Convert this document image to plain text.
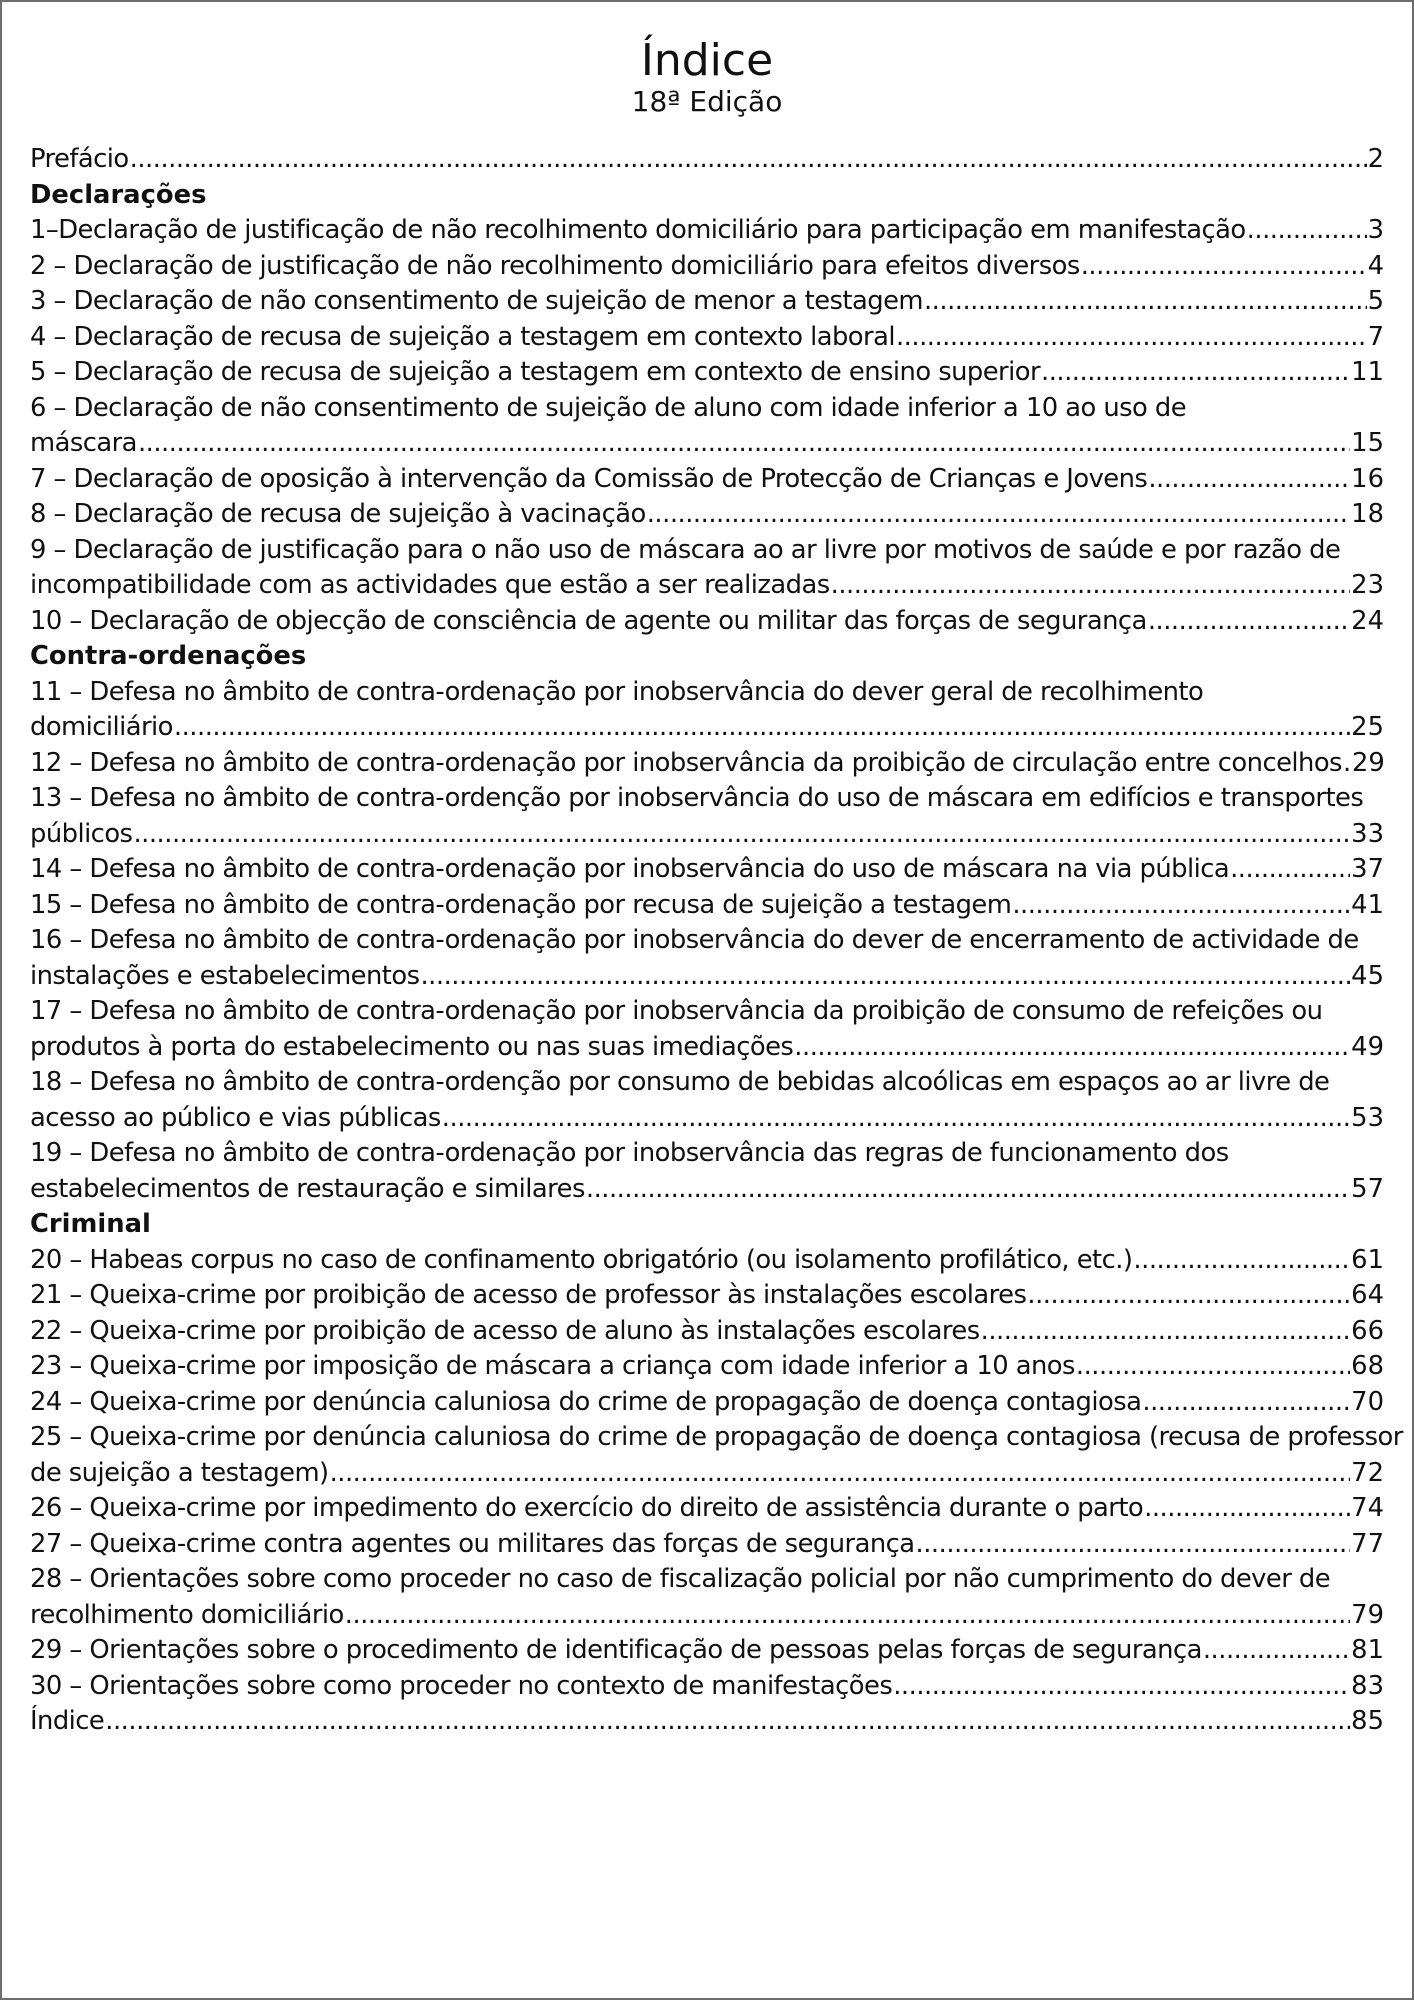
Índice
18ª Edição
Prefácio .....	2
Declarações
1–Declaração de justificação de não recolhimento domiciliário para participação em manifestação .....	3
2 – Declaração de justificação de não recolhimento domiciliário para efeitos diversos .....	4
3 – Declaração de não consentimento de sujeição de menor a testagem .....	5
4 – Declaração de recusa de sujeição a testagem em contexto laboral .....	7
5 – Declaração de recusa de sujeição a testagem em contexto de ensino superior .....	11
6 – Declaração de não consentimento de sujeição de aluno com idade inferior a 10 ao uso de
máscara .....	15
7 – Declaração de oposição à intervenção da Comissão de Protecção de Crianças e Jovens .....	16
8 – Declaração de recusa de sujeição à vacinação .....	18
9 – Declaração de justificação para o não uso de máscara ao ar livre por motivos de saúde e por razão de
incompatibilidade com as actividades que estão a ser realizadas .....	23
10 – Declaração de objecção de consciência de agente ou militar das forças de segurança .....	24
Contra-ordenações
11 – Defesa no âmbito de contra-ordenação por inobservância do dever geral de recolhimento
domiciliário .....	25
12 – Defesa no âmbito de contra-ordenação por inobservância da proibição de circulação entre concelhos ..... 29
13 – Defesa no âmbito de contra-ordenção por inobservância do uso de máscara em edifícios e transportes
públicos .....	33
14 – Defesa no âmbito de contra-ordenação por inobservância do uso de máscara na via pública .....	37
15 – Defesa no âmbito de contra-ordenação por recusa de sujeição a testagem .....	41
16 – Defesa no âmbito de contra-ordenação por inobservância do dever de encerramento de actividade de
instalações e estabelecimentos .....	45
17 – Defesa no âmbito de contra-ordenação por inobservância da proibição de consumo de refeições ou
produtos à porta do estabelecimento ou nas suas imediações .....	49
18 – Defesa no âmbito de contra-ordenção por consumo de bebidas alcoólicas em espaços ao ar livre de
acesso ao público e vias públicas .....	53
19 – Defesa no âmbito de contra-ordenação por inobservância das regras de funcionamento dos
estabelecimentos de restauração e similares .....	57
Criminal
20 – Habeas corpus no caso de confinamento obrigatório (ou isolamento profilático, etc.) .....	61
21 – Queixa-crime por proibição de acesso de professor às instalações escolares .....	64
22 – Queixa-crime por proibição de acesso de aluno às instalações escolares .....	66
23 – Queixa-crime por imposição de máscara a criança com idade inferior a 10 anos .....	68
24 – Queixa-crime por denúncia caluniosa do crime de propagação de doença contagiosa .....	70
25 – Queixa-crime por denúncia caluniosa do crime de propagação de doença contagiosa (recusa de professor
de sujeição a testagem) .....	72
26 – Queixa-crime por impedimento do exercício do direito de assistência durante o parto .....	74
27 – Queixa-crime contra agentes ou militares das forças de segurança .....	77
28 – Orientações sobre como proceder no caso de fiscalização policial por não cumprimento do dever de
recolhimento domiciliário .....	79
29 – Orientações sobre o procedimento de identificação de pessoas pelas forças de segurança .....	81
30 – Orientações sobre como proceder no contexto de manifestações .....	83
Índice .....	85
